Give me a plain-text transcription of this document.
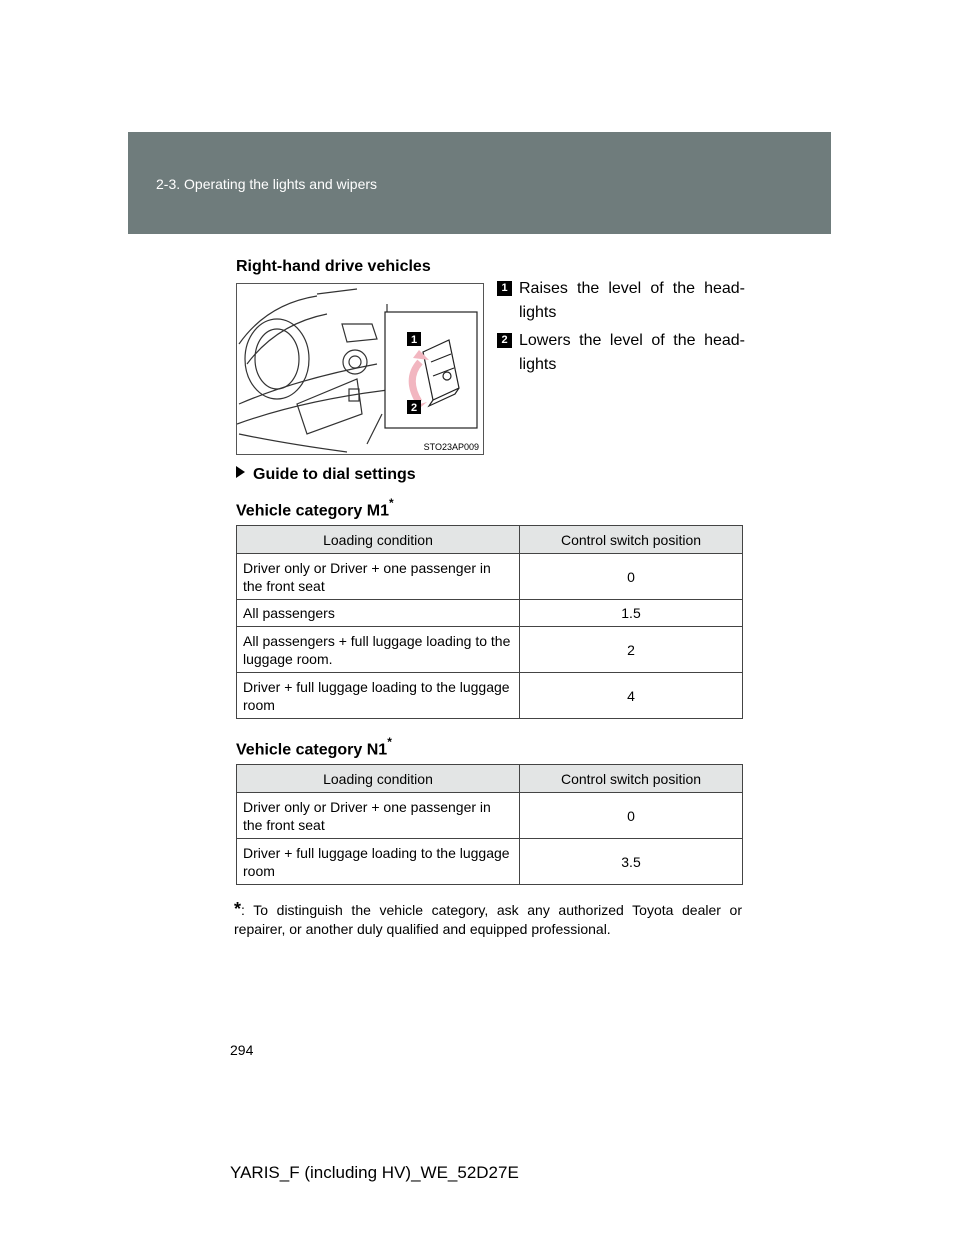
2-3. Operating the lights and wipers
Right-hand drive vehicles
1
2
STO23AP009
1 Raises the level of the head-lights
2 Lowers the level of the head-lights
Guide to dial settings
Vehicle category M1*
Loading condition	Control switch position
Driver only or Driver + one passenger in the front seat	0
All passengers	1.5
All passengers + full luggage loading to the luggage room.	2
Driver + full luggage loading to the luggage room	4
Vehicle category N1*
Loading condition	Control switch position
Driver only or Driver + one passenger in the front seat	0
Driver + full luggage loading to the luggage room	3.5
*: To distinguish the vehicle category, ask any authorized Toyota dealer or repairer, or another duly qualified and equipped professional.
294
YARIS_F (including HV)_WE_52D27E
